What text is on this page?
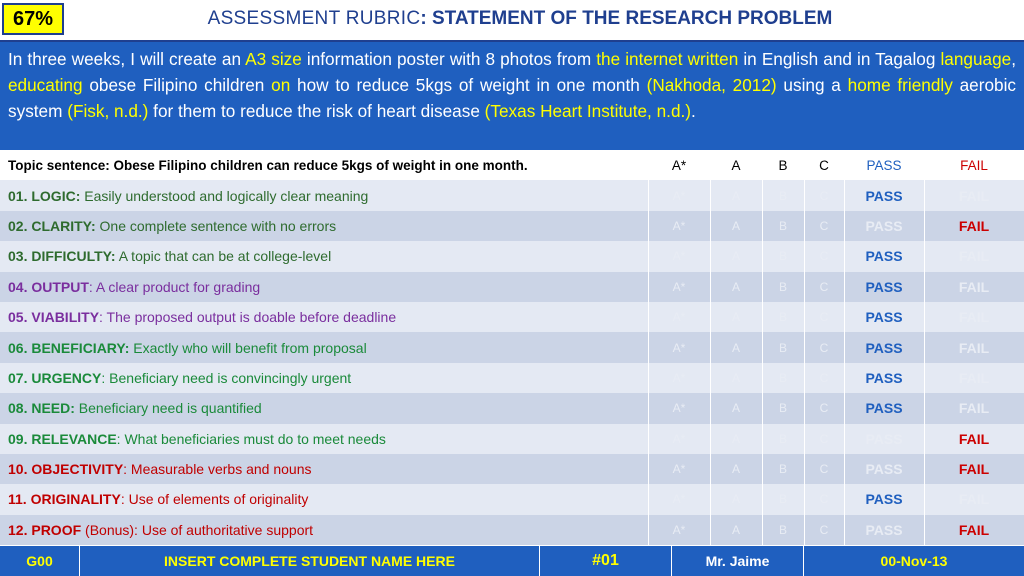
67%	ASSESSMENT RUBRIC: STATEMENT OF THE RESEARCH PROBLEM
In three weeks, I will create an A3 size information poster with 8 photos from the internet written in English and in Tagalog language, educating obese Filipino children on how to reduce 5kgs of weight in one month (Nakhoda, 2012) using a home friendly aerobic system (Fisk, n.d.) for them to reduce the risk of heart disease (Texas Heart Institute, n.d.).
Topic sentence: Obese Filipino children can reduce 5kgs of weight in one month.	A*	A	B	C	PASS	FAIL
01. LOGIC: Easily understood and logically clear meaning	A*	A	B	C	PASS	FAIL
02. CLARITY: One complete sentence with no errors	A*	A	B	C	PASS	FAIL
03. DIFFICULTY: A topic that can be at college-level	A*	A	B	C	PASS	FAIL
04. OUTPUT: A clear product for grading	A*	A	B	C	PASS	FAIL
05. VIABILITY: The proposed output is doable before deadline	A*	A	B	C	PASS	FAIL
06. BENEFICIARY: Exactly who will benefit from proposal	A*	A	B	C	PASS	FAIL
07. URGENCY: Beneficiary need is convincingly urgent	A*	A	B	C	PASS	FAIL
08. NEED: Beneficiary need is quantified	A*	A	B	C	PASS	FAIL
09. RELEVANCE: What beneficiaries must do to meet needs	A*	A	B	C	PASS	FAIL
10. OBJECTIVITY: Measurable verbs and nouns	A*	A	B	C	PASS	FAIL
11. ORIGINALITY: Use of elements of originality	A*	A	B	C	PASS	FAIL
12. PROOF (Bonus): Use of authoritative support	A*	A	B	C	PASS	FAIL
G00	INSERT COMPLETE STUDENT NAME HERE	#01	Mr. Jaime	00-Nov-13
